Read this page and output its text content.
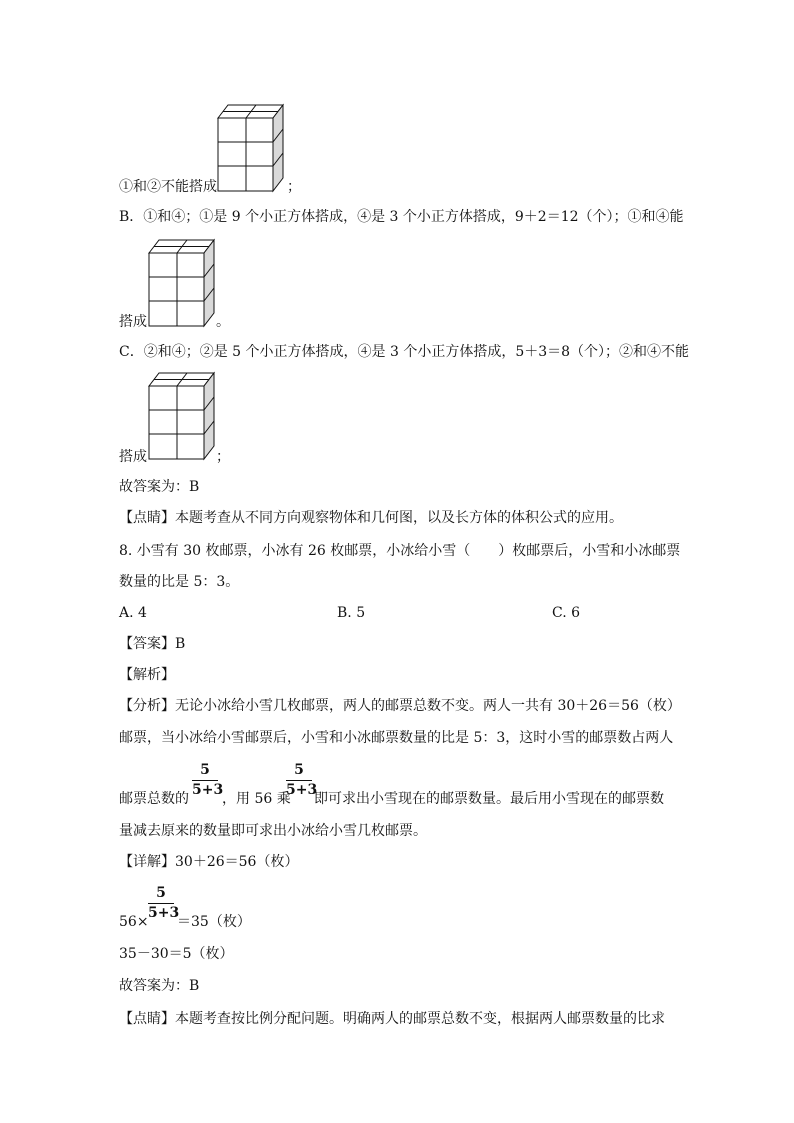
①和②不能搭成	；
B．①和④；①是 9 个小正方体搭成，④是 3 个小正方体搭成，9＋2＝12（个）；①和④能
搭成	。
C．②和④；②是 5 个小正方体搭成，④是 3 个小正方体搭成，5＋3＝8（个）；②和④不能
搭成	；
故答案为：B
【点睛】本题考查从不同方向观察物体和几何图，以及长方体的体积公式的应用。
8. 小雪有 30 枚邮票，小冰有 26 枚邮票，小冰给小雪（　　）枚邮票后，小雪和小冰邮票
数量的比是 5：3。
A. 4	B. 5	C. 6
【答案】B
【解析】
【分析】无论小冰给小雪几枚邮票，两人的邮票总数不变。两人一共有 30＋26＝56（枚）
邮票，当小冰给小雪邮票后，小雪和小冰邮票数量的比是 5：3，这时小雪的邮票数占两人
邮票总数的
5
5+3
，用 56 乘
5
5+3
即可求出小雪现在的邮票数量。最后用小雪现在的邮票数
量减去原来的数量即可求出小冰给小雪几枚邮票。
【详解】30＋26＝56（枚）
56×
5
5+3
＝35（枚）
35－30＝5（枚）
故答案为：B
【点睛】本题考查按比例分配问题。明确两人的邮票总数不变，根据两人邮票数量的比求
